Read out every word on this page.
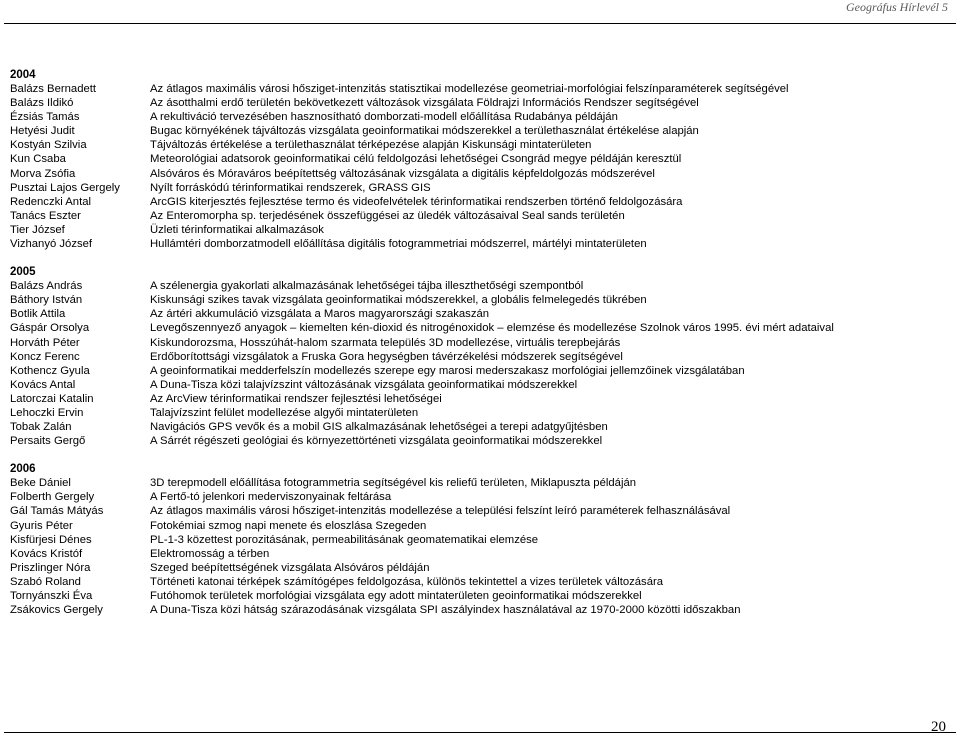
Geográfus Hírlevél 5
2004
Balázs Bernadett	Az átlagos maximális városi hősziget-intenzitás statisztikai modellezése geometriai-morfológiai felszínparaméterek segítségével
Balázs Ildikó	Az ásotthalmi erdő területén bekövetkezett változások vizsgálata Földrajzi Információs Rendszer segítségével
Ézsiás Tamás	A rekultiváció tervezésében hasznosítható domborzati-modell előállítása Rudabánya példáján
Hetyési Judit	Bugac környékének tájváltozás vizsgálata geoinformatikai módszerekkel a területhasználat értékelése alapján
Kostyán Szilvia	Tájváltozás értékelése a területhasználat térképezése alapján Kiskunsági mintaterületen
Kun Csaba	Meteorológiai adatsorok geoinformatikai célú feldolgozási lehetőségei Csongrád megye példáján keresztül
Morva Zsófia	Alsóváros és Móraváros beépítettség változásának vizsgálata a digitális képfeldolgozás módszerével
Pusztai Lajos Gergely	Nyílt forráskódú térinformatikai rendszerek, GRASS GIS
Redenczki Antal	ArcGIS kiterjesztés fejlesztése termo és videofelvételek térinformatikai rendszerben történő feldolgozására
Tanács Eszter	Az Enteromorpha sp. terjedésének összefüggései az üledék változásaival Seal sands területén
Tier József	Üzleti térinformatikai alkalmazások
Vizhanyó József	Hullámtéri domborzatmodell előállítása digitális fotogrammetriai módszerrel, mártélyi mintaterületen
2005
Balázs András	A szélenergia gyakorlati alkalmazásának lehetőségei tájba illeszthetőségi szempontból
Báthory István	Kiskunsági szikes tavak vizsgálata geoinformatikai módszerekkel, a globális felmelegedés tükrében
Botlik Attila	Az ártéri akkumuláció vizsgálata a Maros magyarországi szakaszán
Gáspár Orsolya	Levegőszennyező anyagok – kiemelten kén-dioxid és nitrogénoxidok – elemzése és modellezése Szolnok város 1995. évi mért adataival
Horváth Péter	Kiskundorozsma, Hosszúhát-halom szarmata település 3D modellezése, virtuális terepbejárás
Koncz Ferenc	Erdőborítottsági vizsgálatok a Fruska Gora hegységben távérzékelési módszerek segítségével
Kothencz Gyula	A geoinformatikai medderfelszín modellezés szerepe egy marosi mederszakasz morfológiai jellemzőinek vizsgálatában
Kovács Antal	A Duna-Tisza közi talajvízszint változásának vizsgálata geoinformatikai módszerekkel
Latorczai Katalin	Az ArcView térinformatikai rendszer fejlesztési lehetőségei
Lehoczki Ervin	Talajvízszint felület modellezése algyői mintaterületen
Tobak Zalán	Navigációs GPS vevők és a mobil GIS alkalmazásának lehetőségei a terepi adatgyűjtésben
Persaits Gergő	A Sárrét régészeti geológiai és környezettörténeti vizsgálata geoinformatikai módszerekkel
2006
Beke Dániel	3D terepmodell előállítása fotogrammetria segítségével kis reliefű területen, Miklapuszta példáján
Folberth Gergely	A Fertő-tó jelenkori mederviszonyainak feltárása
Gál Tamás Mátyás	Az átlagos maximális városi hősziget-intenzitás modellezése a települési felszínt leíró paraméterek felhasználásával
Gyuris Péter	Fotokémiai szmog napi menete és eloszlása Szegeden
Kisfürjesi Dénes	PL-1-3 közettest porozitásának, permeabilitásának geomatematikai elemzése
Kovács Kristóf	Elektromosság a térben
Priszlinger Nóra	Szeged beépítettségének vizsgálata Alsóváros példáján
Szabó Roland	Történeti katonai térképek számítógépes feldolgozása, különös tekintettel a vizes területek változására
Tornyánszki Éva	Futóhomok területek morfológiai vizsgálata egy adott mintaterületen geoinformatikai módszerekkel
Zsákovics Gergely	A Duna-Tisza közi hátság szárazodásának vizsgálata SPI aszályindex használatával az 1970-2000 közötti időszakban
20
